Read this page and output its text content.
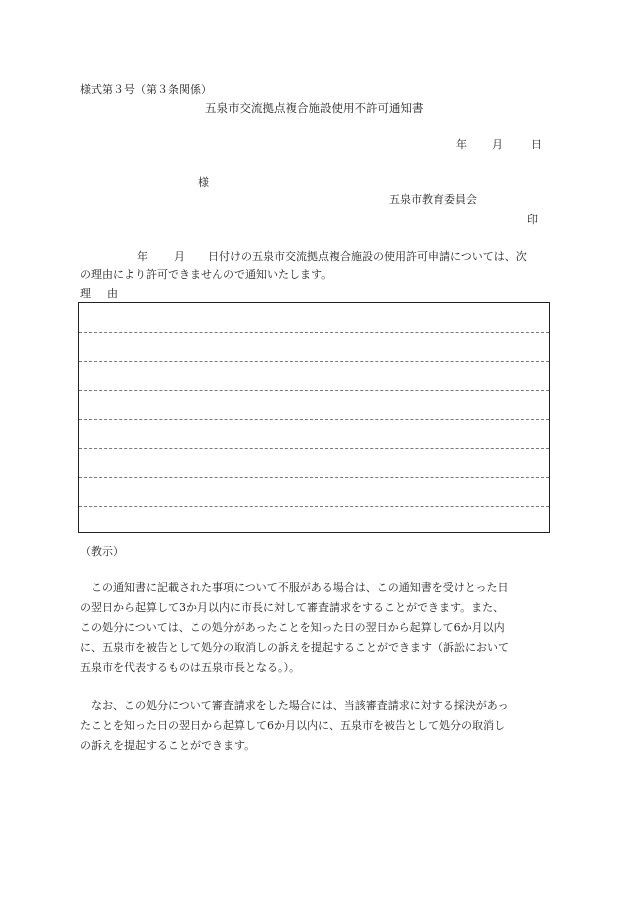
様式第３号（第３条関係）
五泉市交流拠点複合施設使用不許可通知書
年	月	日
様
五泉市教育委員会
印
年	月	日付けの五泉市交流拠点複合施設の使用許可申請については、次
の理由により許可できませんので通知いたします。
理由
（教示）
　この通知書に記載された事項について不服がある場合は、この通知書を受けとった日
の翌日から起算して3か月以内に市長に対して審査請求をすることができます。また、
この処分については、この処分があったことを知った日の翌日から起算して6か月以内
に、五泉市を被告として処分の取消しの訴えを提起することができます（訴訟において
五泉市を代表するものは五泉市長となる。）。
　なお、この処分について審査請求をした場合には、当該審査請求に対する採決があっ
たことを知った日の翌日から起算して6か月以内に、五泉市を被告として処分の取消し
の訴えを提起することができます。
